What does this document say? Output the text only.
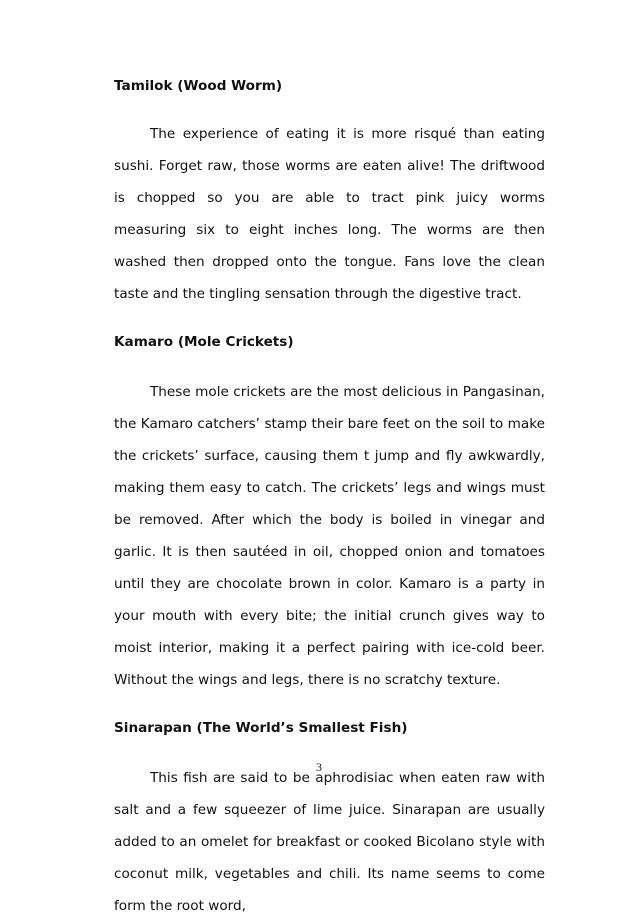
Tamilok (Wood Worm)

The experience of eating it is more risqué than eating sushi. Forget raw, those worms are eaten alive! The driftwood is chopped so you are able to tract pink juicy worms measuring six to eight inches long. The worms are then washed then dropped onto the tongue. Fans love the clean taste and the tingling sensation through the digestive tract.

Kamaro (Mole Crickets)

These mole crickets are the most delicious in Pangasinan, the Kamaro catchers’ stamp their bare feet on the soil to make the crickets’ surface, causing them t jump and fly awkwardly, making them easy to catch. The crickets’ legs and wings must be removed. After which the body is boiled in vinegar and garlic. It is then sautéed in oil, chopped onion and tomatoes until they are chocolate brown in color. Kamaro is a party in your mouth with every bite; the initial crunch gives way to moist interior, making it a perfect pairing with ice-cold beer. Without the wings and legs, there is no scratchy texture.

Sinarapan (The World’s Smallest Fish)

This fish are said to be aphrodisiac when eaten raw with salt and a few squeezer of lime juice. Sinarapan are usually added to an omelet for breakfast or cooked Bicolano style with coconut milk, vegetables and chili. Its name seems to come form the root word,

3
